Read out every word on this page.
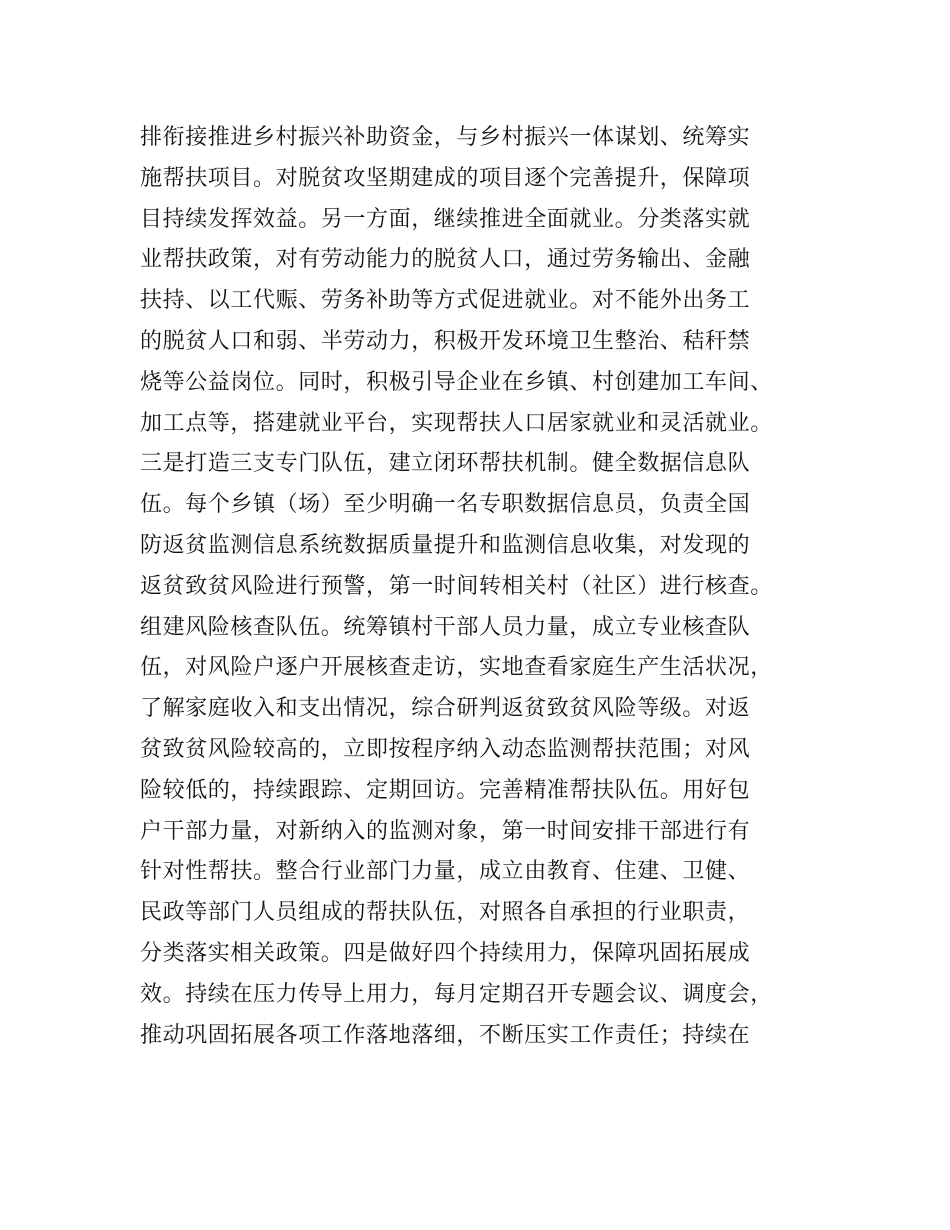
排衔接推进乡村振兴补助资金，与乡村振兴一体谋划、统筹实
施帮扶项目。对脱贫攻坚期建成的项目逐个完善提升，保障项
目持续发挥效益。另一方面，继续推进全面就业。分类落实就
业帮扶政策，对有劳动能力的脱贫人口，通过劳务输出、金融
扶持、以工代赈、劳务补助等方式促进就业。对不能外出务工
的脱贫人口和弱、半劳动力，积极开发环境卫生整治、秸秆禁
烧等公益岗位。同时，积极引导企业在乡镇、村创建加工车间、
加工点等，搭建就业平台，实现帮扶人口居家就业和灵活就业。
三是打造三支专门队伍，建立闭环帮扶机制。健全数据信息队
伍。每个乡镇（场）至少明确一名专职数据信息员，负责全国
防返贫监测信息系统数据质量提升和监测信息收集，对发现的
返贫致贫风险进行预警，第一时间转相关村（社区）进行核查。
组建风险核查队伍。统筹镇村干部人员力量，成立专业核查队
伍，对风险户逐户开展核查走访，实地查看家庭生产生活状况，
了解家庭收入和支出情况，综合研判返贫致贫风险等级。对返
贫致贫风险较高的，立即按程序纳入动态监测帮扶范围；对风
险较低的，持续跟踪、定期回访。完善精准帮扶队伍。用好包
户干部力量，对新纳入的监测对象，第一时间安排干部进行有
针对性帮扶。整合行业部门力量，成立由教育、住建、卫健、
民政等部门人员组成的帮扶队伍，对照各自承担的行业职责，
分类落实相关政策。四是做好四个持续用力，保障巩固拓展成
效。持续在压力传导上用力，每月定期召开专题会议、调度会，
推动巩固拓展各项工作落地落细，不断压实工作责任；持续在
